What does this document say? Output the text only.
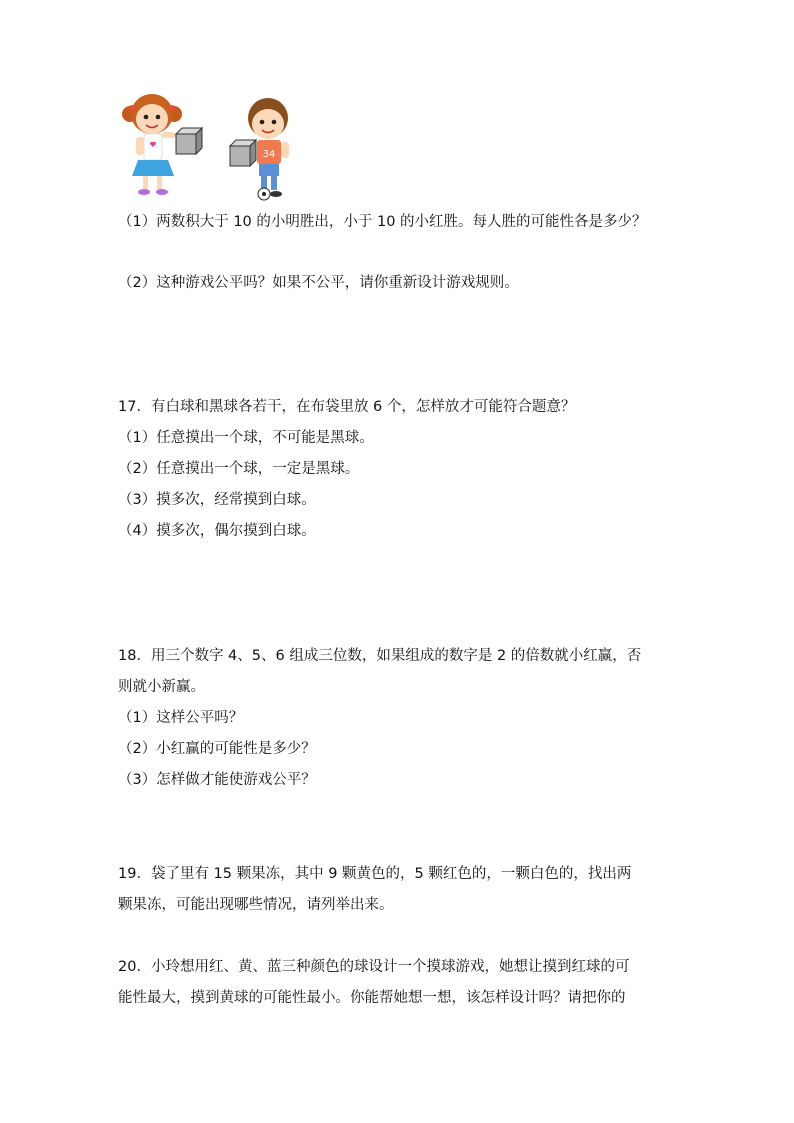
34
（1）两数积大于 10 的小明胜出，小于 10 的小红胜。每人胜的可能性各是多少？
（2）这种游戏公平吗？如果不公平，请你重新设计游戏规则。
17．有白球和黑球各若干，在布袋里放 6 个，怎样放才可能符合题意？
（1）任意摸出一个球，不可能是黑球。
（2）任意摸出一个球，一定是黑球。
（3）摸多次，经常摸到白球。
（4）摸多次，偶尔摸到白球。
18．用三个数字 4、5、6 组成三位数，如果组成的数字是 2 的倍数就小红赢，否
则就小新赢。
（1）这样公平吗？
（2）小红赢的可能性是多少？
（3）怎样做才能使游戏公平？
19．袋了里有 15 颗果冻，其中 9 颗黄色的，5 颗红色的，一颗白色的，找出两
颗果冻，可能出现哪些情况，请列举出来。
20．小玲想用红、黄、蓝三种颜色的球设计一个摸球游戏，她想让摸到红球的可
能性最大，摸到黄球的可能性最小。你能帮她想一想，该怎样设计吗？请把你的
